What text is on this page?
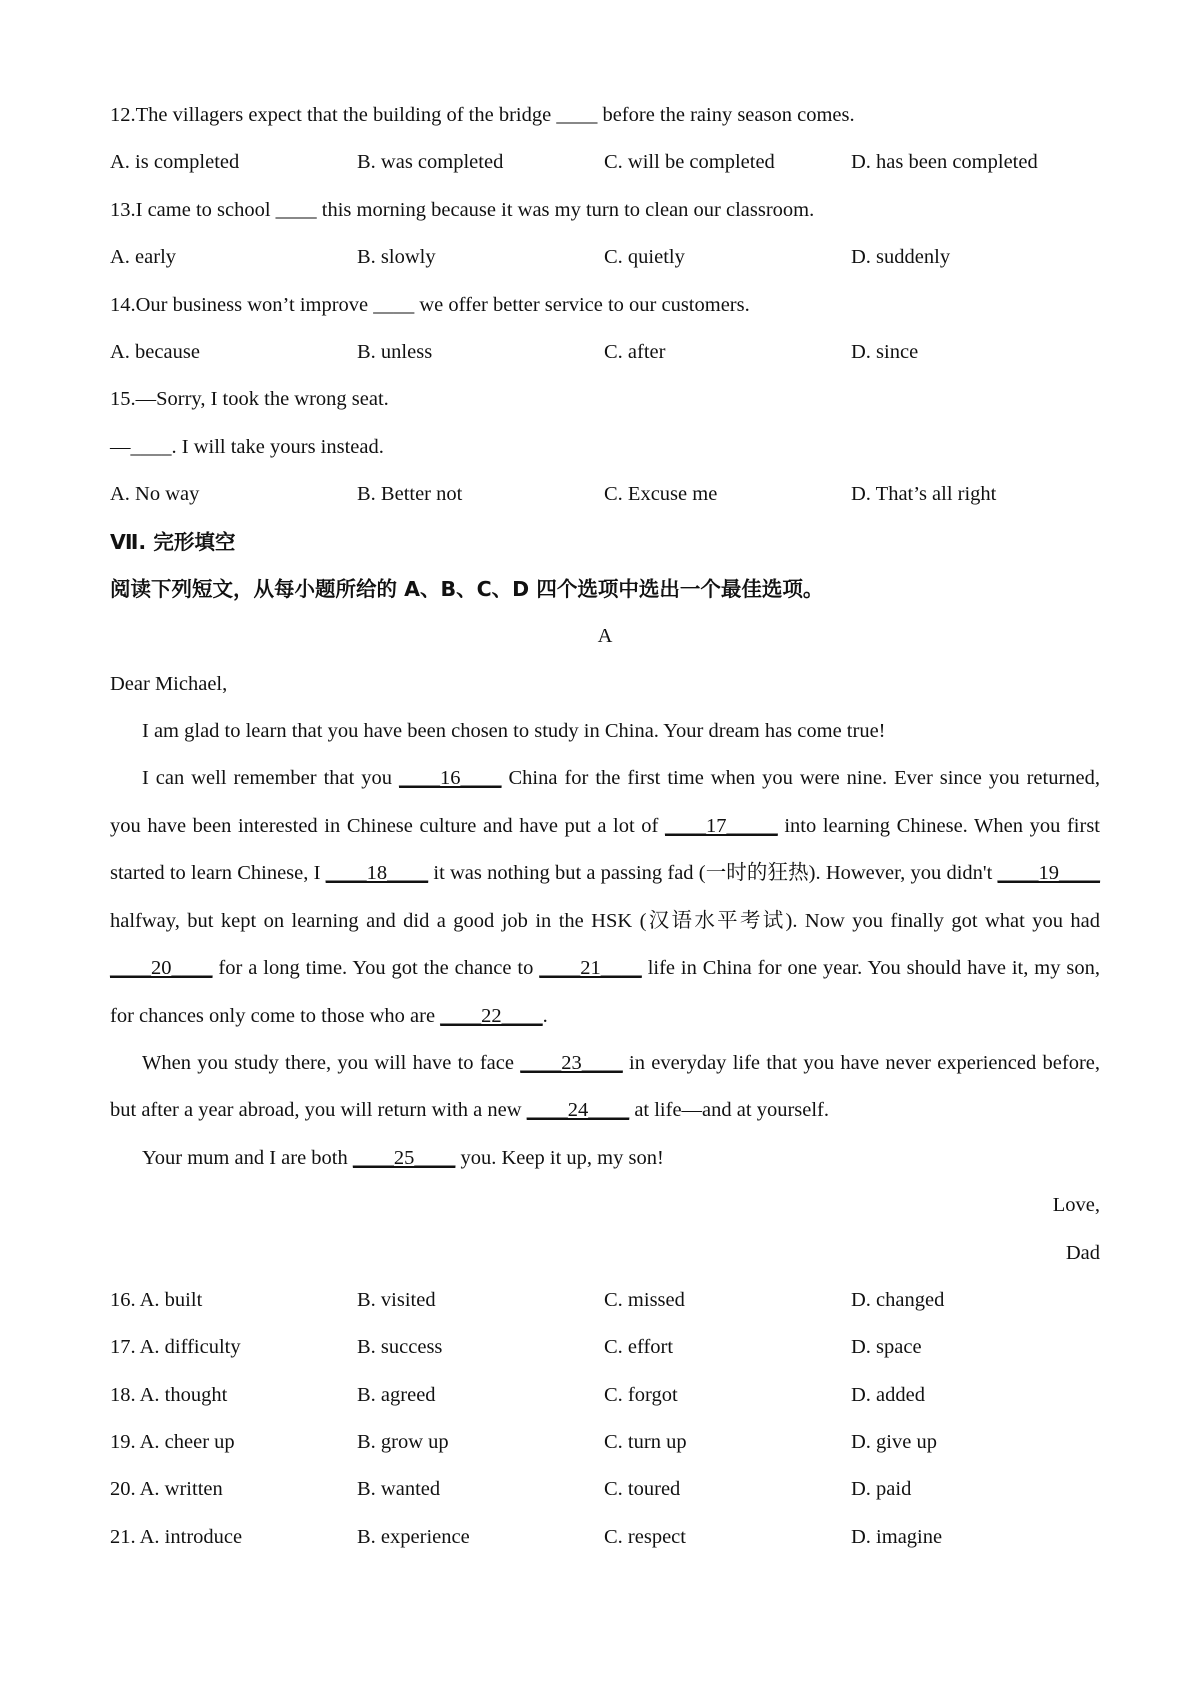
12.The villagers expect that the building of the bridge ____ before the rainy season comes.
A. is completed	B. was completed	C. will be completed	D. has been completed
13.I came to school ____ this morning because it was my turn to clean our classroom.
A. early	B. slowly	C. quietly	D. suddenly
14.Our business won’t improve ____ we offer better service to our customers.
A. because	B. unless	C. after	D. since
15.—Sorry, I took the wrong seat.
—____. I will take yours instead.
A. No way	B. Better not	C. Excuse me	D. That’s all right
Ⅶ. 完形填空
阅读下列短文，从每小题所给的 A、B、C、D 四个选项中选出一个最佳选项。
A
Dear Michael,
I am glad to learn that you have been chosen to study in China. Your dream has come true!
I can well remember that you ____16____ China for the first time when you were nine. Ever since you returned, you have been interested in Chinese culture and have put a lot of ____17_____ into learning Chinese. When you first started to learn Chinese, I ____18____ it was nothing but a passing fad (一时的狂热). However, you didn't ____19____ halfway, but kept on learning and did a good job in the HSK (汉语水平考试). Now you finally got what you had ____20____ for a long time. You got the chance to ____21____ life in China for one year. You should have it, my son, for chances only come to those who are ____22____.
When you study there, you will have to face ____23____ in everyday life that you have never experienced before, but after a year abroad, you will return with a new ____24____ at life—and at yourself.
Your mum and I are both ____25____ you. Keep it up, my son!
Love,
Dad
16. A. built	B. visited	C. missed	D. changed
17. A. difficulty	B. success	C. effort	D. space
18. A. thought	B. agreed	C. forgot	D. added
19. A. cheer up	B. grow up	C. turn up	D. give up
20. A. written	B. wanted	C. toured	D. paid
21. A. introduce	B. experience	C. respect	D. imagine
